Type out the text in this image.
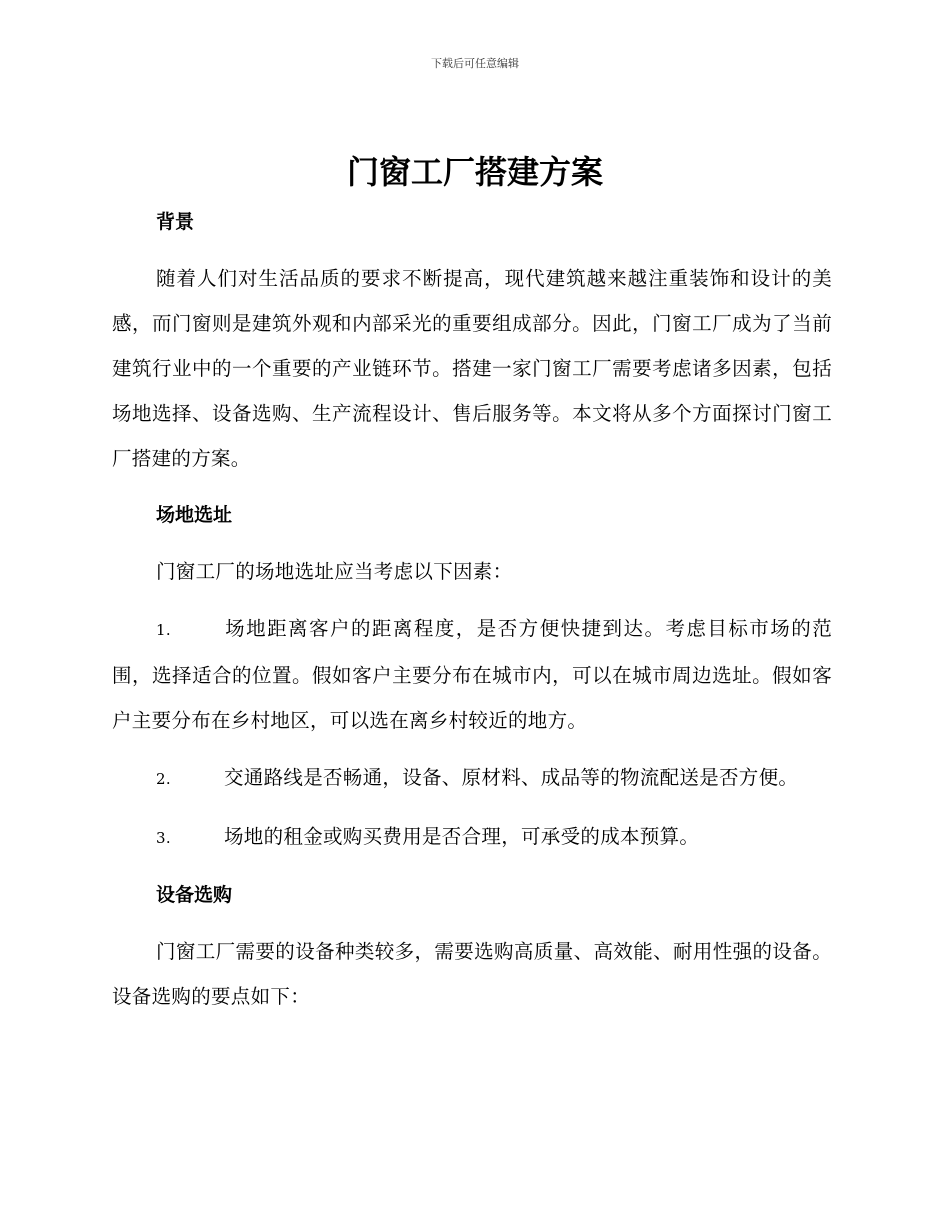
下载后可任意编辑
门窗工厂搭建方案
背景

随着人们对生活品质的要求不断提高，现代建筑越来越注重装饰和设计的美感，而门窗则是建筑外观和内部采光的重要组成部分。因此，门窗工厂成为了当前建筑行业中的一个重要的产业链环节。搭建一家门窗工厂需要考虑诸多因素，包括场地选择、设备选购、生产流程设计、售后服务等。本文将从多个方面探讨门窗工厂搭建的方案。

场地选址

门窗工厂的场地选址应当考虑以下因素：

1.	场地距离客户的距离程度，是否方便快捷到达。考虑目标市场的范围，选择适合的位置。假如客户主要分布在城市内，可以在城市周边选址。假如客户主要分布在乡村地区，可以选在离乡村较近的地方。

2.	交通路线是否畅通，设备、原材料、成品等的物流配送是否方便。

3.	场地的租金或购买费用是否合理，可承受的成本预算。

设备选购

门窗工厂需要的设备种类较多，需要选购高质量、高效能、耐用性强的设备。设备选购的要点如下：
